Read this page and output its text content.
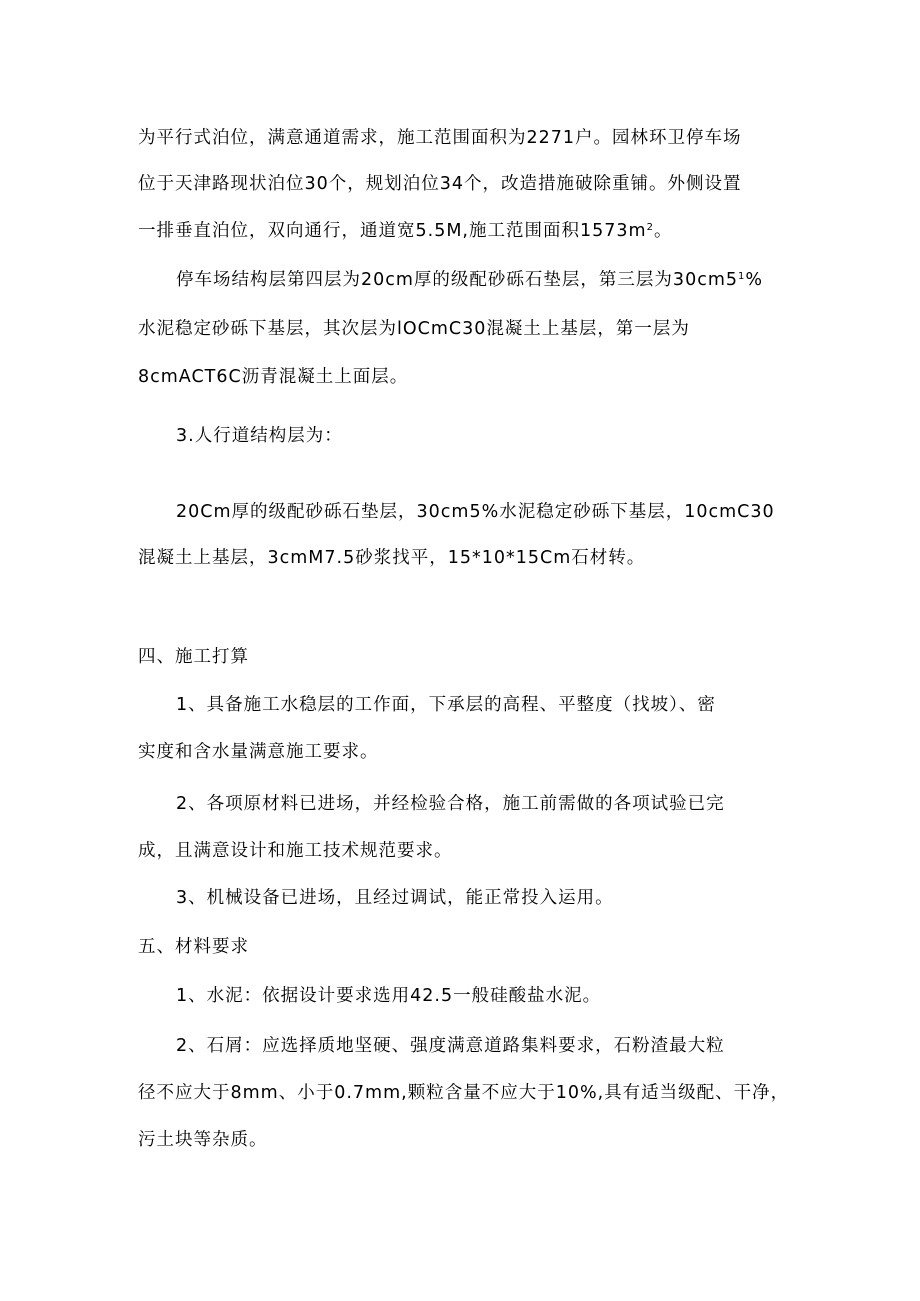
为平行式泊位，满意通道需求，施工范围面积为2271户。园林环卫停车场
位于天津路现状泊位30个，规划泊位34个，改造措施破除重铺。外侧设置
一排垂直泊位，双向通行，通道宽5.5M,施工范围面积$1573m^2$。
停车场结构层第四层为20cm厚的级配砂砾石垫层，第三层为$30cm5^1\%$
水泥稳定砂砾下基层，其次层为lOCmC30混凝土上基层，第一层为
8cmACT6C沥青混凝土上面层。
3.人行道结构层为：
20Cm厚的级配砂砾石垫层，30cm5%水泥稳定砂砾下基层，10cmC30
混凝土上基层，3cmM7.5砂浆找平，15*10*15Cm石材转。
四、施工打算
1、具备施工水稳层的工作面，下承层的高程、平整度（找坡）、密
实度和含水量满意施工要求。
2、各项原材料已进场，并经检验合格，施工前需做的各项试验已完
成，且满意设计和施工技术规范要求。
3、机械设备已进场，且经过调试，能正常投入运用。
五、材料要求
1、水泥：依据设计要求选用42.5一般硅酸盐水泥。
2、石屑：应选择质地坚硬、强度满意道路集料要求，石粉渣最大粒
径不应大于8mm、小于0.7mm,颗粒含量不应大于10%,具有适当级配、干净，
污土块等杂质。
